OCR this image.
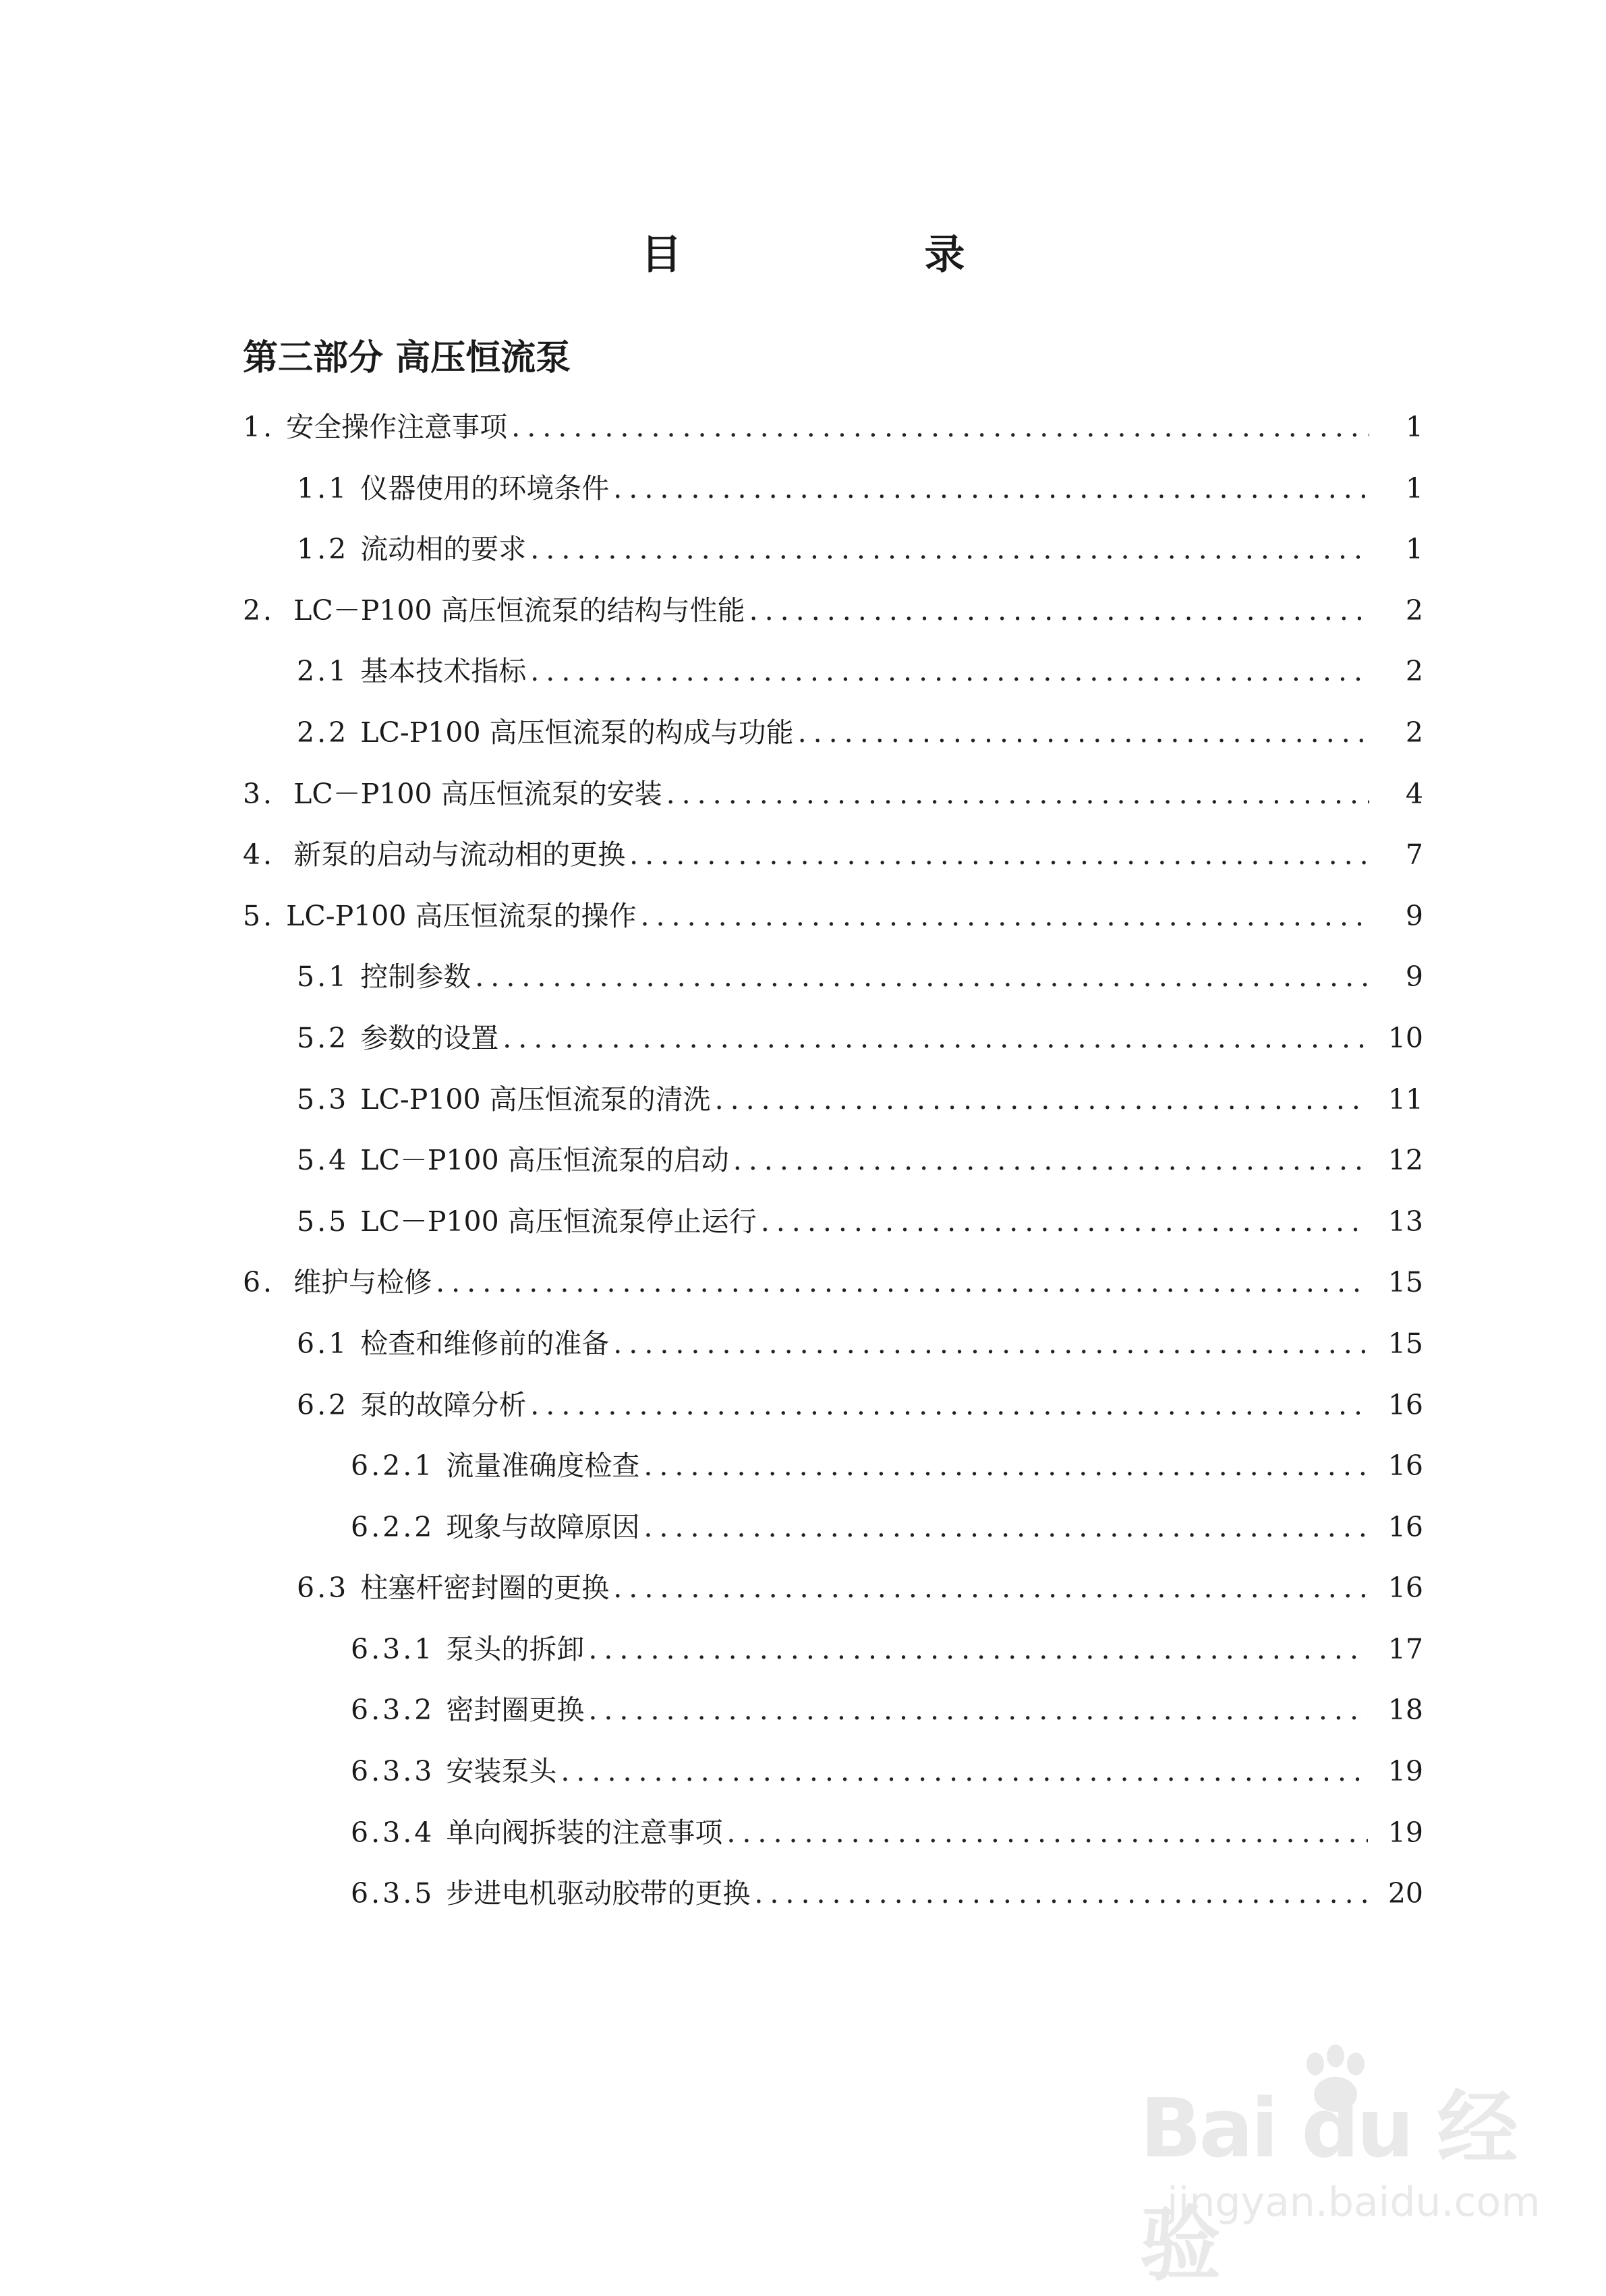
目　录
第三部分 高压恒流泵
1. 安全操作注意事项 .....	1
1.1 仪器使用的环境条件 .....	1
1.2 流动相的要求 .....	1
2． LC－P100 高压恒流泵的结构与性能 .....	2
2.1 基本技术指标 .....	2
2.2 LC-P100 高压恒流泵的构成与功能 .....	2
3． LC－P100 高压恒流泵的安装 .....	4
4． 新泵的启动与流动相的更换 .....	7
5. LC-P100 高压恒流泵的操作 .....	9
5.1 控制参数 .....	9
5.2 参数的设置 .....	10
5.3 LC-P100 高压恒流泵的清洗 .....	11
5.4 LC－P100 高压恒流泵的启动 .....	12
5.5 LC－P100 高压恒流泵停止运行 .....	13
6． 维护与检修 .....	15
6.1 检查和维修前的准备 .....	15
6.2 泵的故障分析 .....	16
6.2.1 流量准确度检查 .....	16
6.2.2 现象与故障原因 .....	16
6.3 柱塞杆密封圈的更换 .....	16
6.3.1 泵头的拆卸 .....	17
6.3.2 密封圈更换 .....	18
6.3.3 安装泵头 .....	19
6.3.4 单向阀拆装的注意事项 .....	19
6.3.5 步进电机驱动胶带的更换 .....	20
Bai du 经验
jingyan.baidu.com
